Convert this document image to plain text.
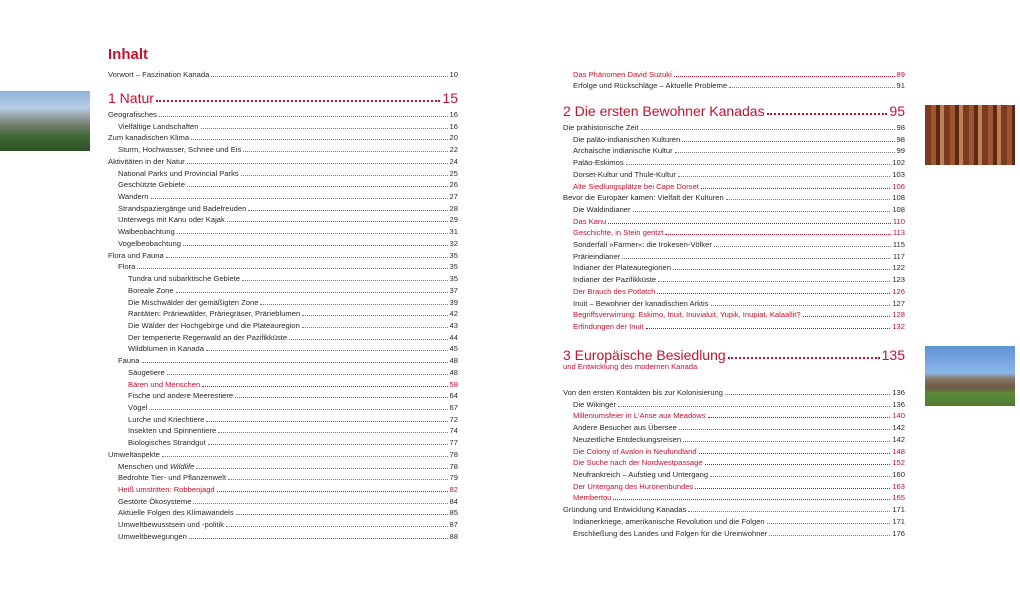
Inhalt
Vorwort – Faszination Kanada	10
1 Natur	15
Geografisches	16
Vielfältige Landschaften	16
Zum kanadischen Klima	20
Sturm, Hochwasser, Schnee und Eis	22
Aktivitäten in der Natur	24
National Parks und Provincial Parks	25
Geschützte Gebiete	26
Wandern	27
Strandspaziergänge und Badefreuden	28
Unterwegs mit Kanu oder Kajak	29
Walbeobachtung	31
Vogelbeobachtung	32
Flora und Fauna	35
Flora	35
Tundra und subarktische Gebiete	35
Boreale Zone	37
Die Mischwälder der gemäßigten Zone	39
Raritäten: Präriewälder, Präriegräser, Prärieblumen	42
Die Wälder der Hochgebirge und die Plateauregion	43
Der temperierte Regenwald an der Pazifikküste	44
Wildblumen in Kanada	45
Fauna	48
Säugetiere	48
Bären und Menschen	58
Fische und andere Meerestiere	64
Vögel	67
Lurche und Kriechtiere	72
Insekten und Spinnentiere	74
Biologisches Strandgut	77
Umweltaspekte	78
Menschen und Wildlife	78
Bedrohte Tier- und Pflanzenwelt	79
Heiß umstritten: Robbenjagd	82
Gestörte Ökosysteme	84
Aktuelle Folgen des Klimawandels	85
Umweltbewusstsein und -politik	87
Umweltbewegungen	88
und Entwicklung des modernen Kanada
Das Phänomen David Suzuki	89
Erfolge und Rückschläge – Aktuelle Probleme	91
2 Die ersten Bewohner Kanadas	95
Die prähistorische Zeit	98
Die paläo-indianischen Kulturen	98
Archaische indianische Kultur	99
Paläo-Eskimos	102
Dorset-Kultur und Thule-Kultur	103
Alte Siedlungsplätze bei Cape Dorset	106
Bevor die Europäer kamen: Vielfalt der Kulturen	108
Die Waldindianer	108
Das Kanu	110
Geschichte, in Stein geritzt	113
Sonderfall »Farmer«: die Irokesen-Völker	115
Prärieindianer	117
Indianer der Plateauregionen	122
Indianer der Pazifikküste	123
Der Brauch des Potlatch	126
Inuit – Bewohner der kanadischen Arktis	127
Begriffsverwirrung: Eskimo, Inuit, Inuvialuit, Yupik, Inupiat, Kalaallit?	128
Erfindungen der Inuit	132
3 Europäische Besiedlung	135
Von den ersten Kontakten bis zur Kolonisierung	136
Die Wikinger	136
Milleniumsfeier in L'Anse aux Meadows	140
Andere Besucher aus Übersee	142
Neuzeitliche Entdeckungsreisen	142
Die Colony of Avalon in Neufundland	148
Die Suche nach der Nordwestpassage	152
Neufrankreich – Aufstieg und Untergang	160
Der Untergang des Huronenbundes	163
Membertou	165
Gründung und Entwicklung Kanadas	171
Indianerkriege, amerikanische Revolution und die Folgen	171
Erschließung des Landes und Folgen für die Ureinwohner	176
